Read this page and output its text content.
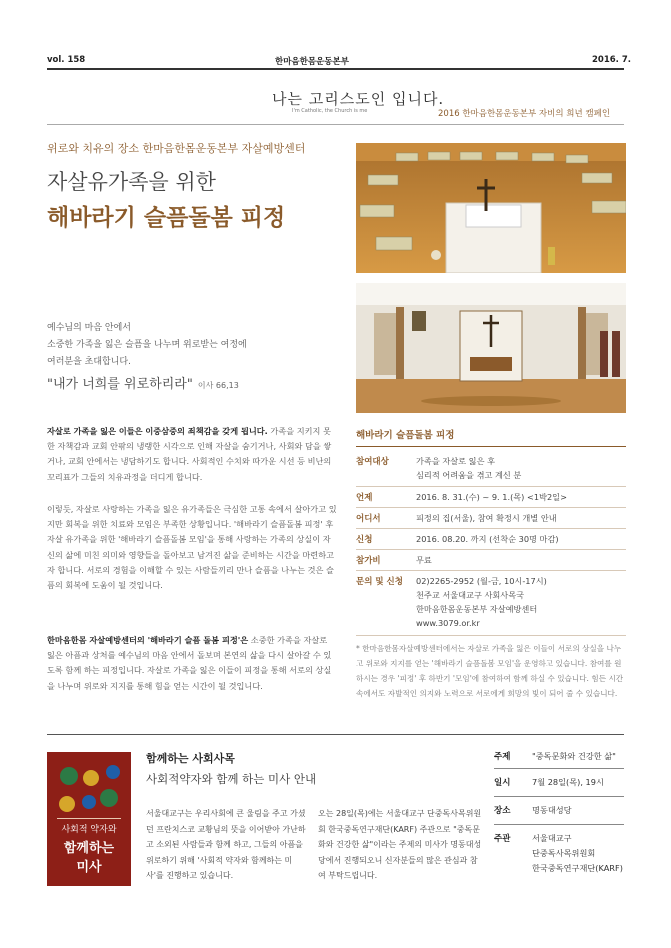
vol. 158	한마음한몸운동본부	2016. 7.
나는 고리스도인 입니다.
I'm Catholic, the Church is me	2016 한마음한몸운동본부 자비의 희년 캠페인
위로와 치유의 장소 한마음한몸운동본부 자살예방센터
자살유가족을 위한
해바라기 슬픔돌봄 피정
예수님의 마음 안에서
소중한 가족을 잃은 슬픔을 나누며 위로받는 여정에
여러분을 초대합니다.
"내가 너희를 위로하리라" 이사 66,13
자살로 가족을 잃은 이들은 이중삼중의 죄책감을 갖게 됩니다. 가족을 지키지 못한 자책감과 교회 안팎의 냉랭한 시각으로 인해 자살을 숨기거나, 사회와 담을 쌓거나, 교회 안에서는 냉담하기도 합니다. 사회적인 수치와 따가운 시선 등 비난의 꼬리표가 그들의 치유과정을 더디게 합니다.
이렇듯, 자살로 사랑하는 가족을 잃은 유가족들은 극심한 고통 속에서 살아가고 있지만 회복을 위한 치료와 모임은 부족한 상황입니다. '해바라기 슬픔돌봄 피정' 후 자살 유가족을 위한 '해바라기 슬픔돌봄 모임'을 통해 사랑하는 가족의 상실이 자신의 삶에 미친 의미와 영향들을 돌아보고 남겨진 삶을 준비하는 시간을 마련하고자 합니다. 서로의 경험을 이해할 수 있는 사람들끼리 만나 슬픔을 나누는 것은 슬픔의 회복에 도움이 될 것입니다.
한마음한몸 자살예방센터의 '해바라기 슬픔 돌봄 피정'은 소중한 가족을 자살로 잃은 아픔과 상처를 예수님의 마음 안에서 돌보며 본연의 삶을 다시 살아갈 수 있도록 함께 하는 피정입니다. 자살로 가족을 잃은 이들이 피정을 통해 서로의 상실을 나누며 위로와 지지를 통해 힘을 얻는 시간이 될 것입니다.
해바라기 슬픔돌봄 피정
참여대상	가족을 자살로 잃은 후
심리적 어려움을 겪고 계신 분
언제	2016. 8. 31.(수) ~ 9. 1.(목) <1박2일>
어디서	피정의 집(서울), 참여 확정시 개별 안내
신청	2016. 08.20. 까지 (선착순 30명 마감)
참가비	무료
문의 및 신청 02)2265-2952 (월-금, 10시-17시)
천주교 서울대교구 사회사목국
한마음한몸운동본부 자살예방센터
www.3079.or.kr
* 한마음한몸자살예방센터에서는 자살로 가족을 잃은 이들이 서로의 상실을 나누고 위로와 지지를 얻는 '해바라기 슬픔돌봄 모임'을 운영하고 있습니다. 참여를 원하시는 경우 '피정' 후 하반기 '모임'에 참여하여 함께 하실 수 있습니다. 힘든 시간 속에서도 자발적인 의지와 노력으로 서로에게 희망의 빛이 되어 줄 수 있습니다.
사회적 약자와
함께하는
미사
함께하는 사회사목
사회적약자와 함께 하는 미사 안내
서울대교구는 우리사회에 큰 울림을 주고 가셨던 프란치스코 교황님의 뜻을 이어받아 가난하고 소외된 사람들과 함께 하고, 그들의 아픔을 위로하기 위해 '사회적 약자와 함께하는 미사'를 진행하고 있습니다.
오는 28일(목)에는 서울대교구 단중독사목위원회 한국중독연구재단(KARF) 주관으로 "중독문화와 건강한 삶"이라는 주제의 미사가 명동대성당에서 진행되오니 신자분들의 많은 관심과 참여 부탁드립니다.
주제	"중독문화와 건강한 삶"
일시	7월 28일(목), 19시
장소	명동대성당
주관	서울대교구
단중독사목위원회
한국중독연구재단(KARF)
